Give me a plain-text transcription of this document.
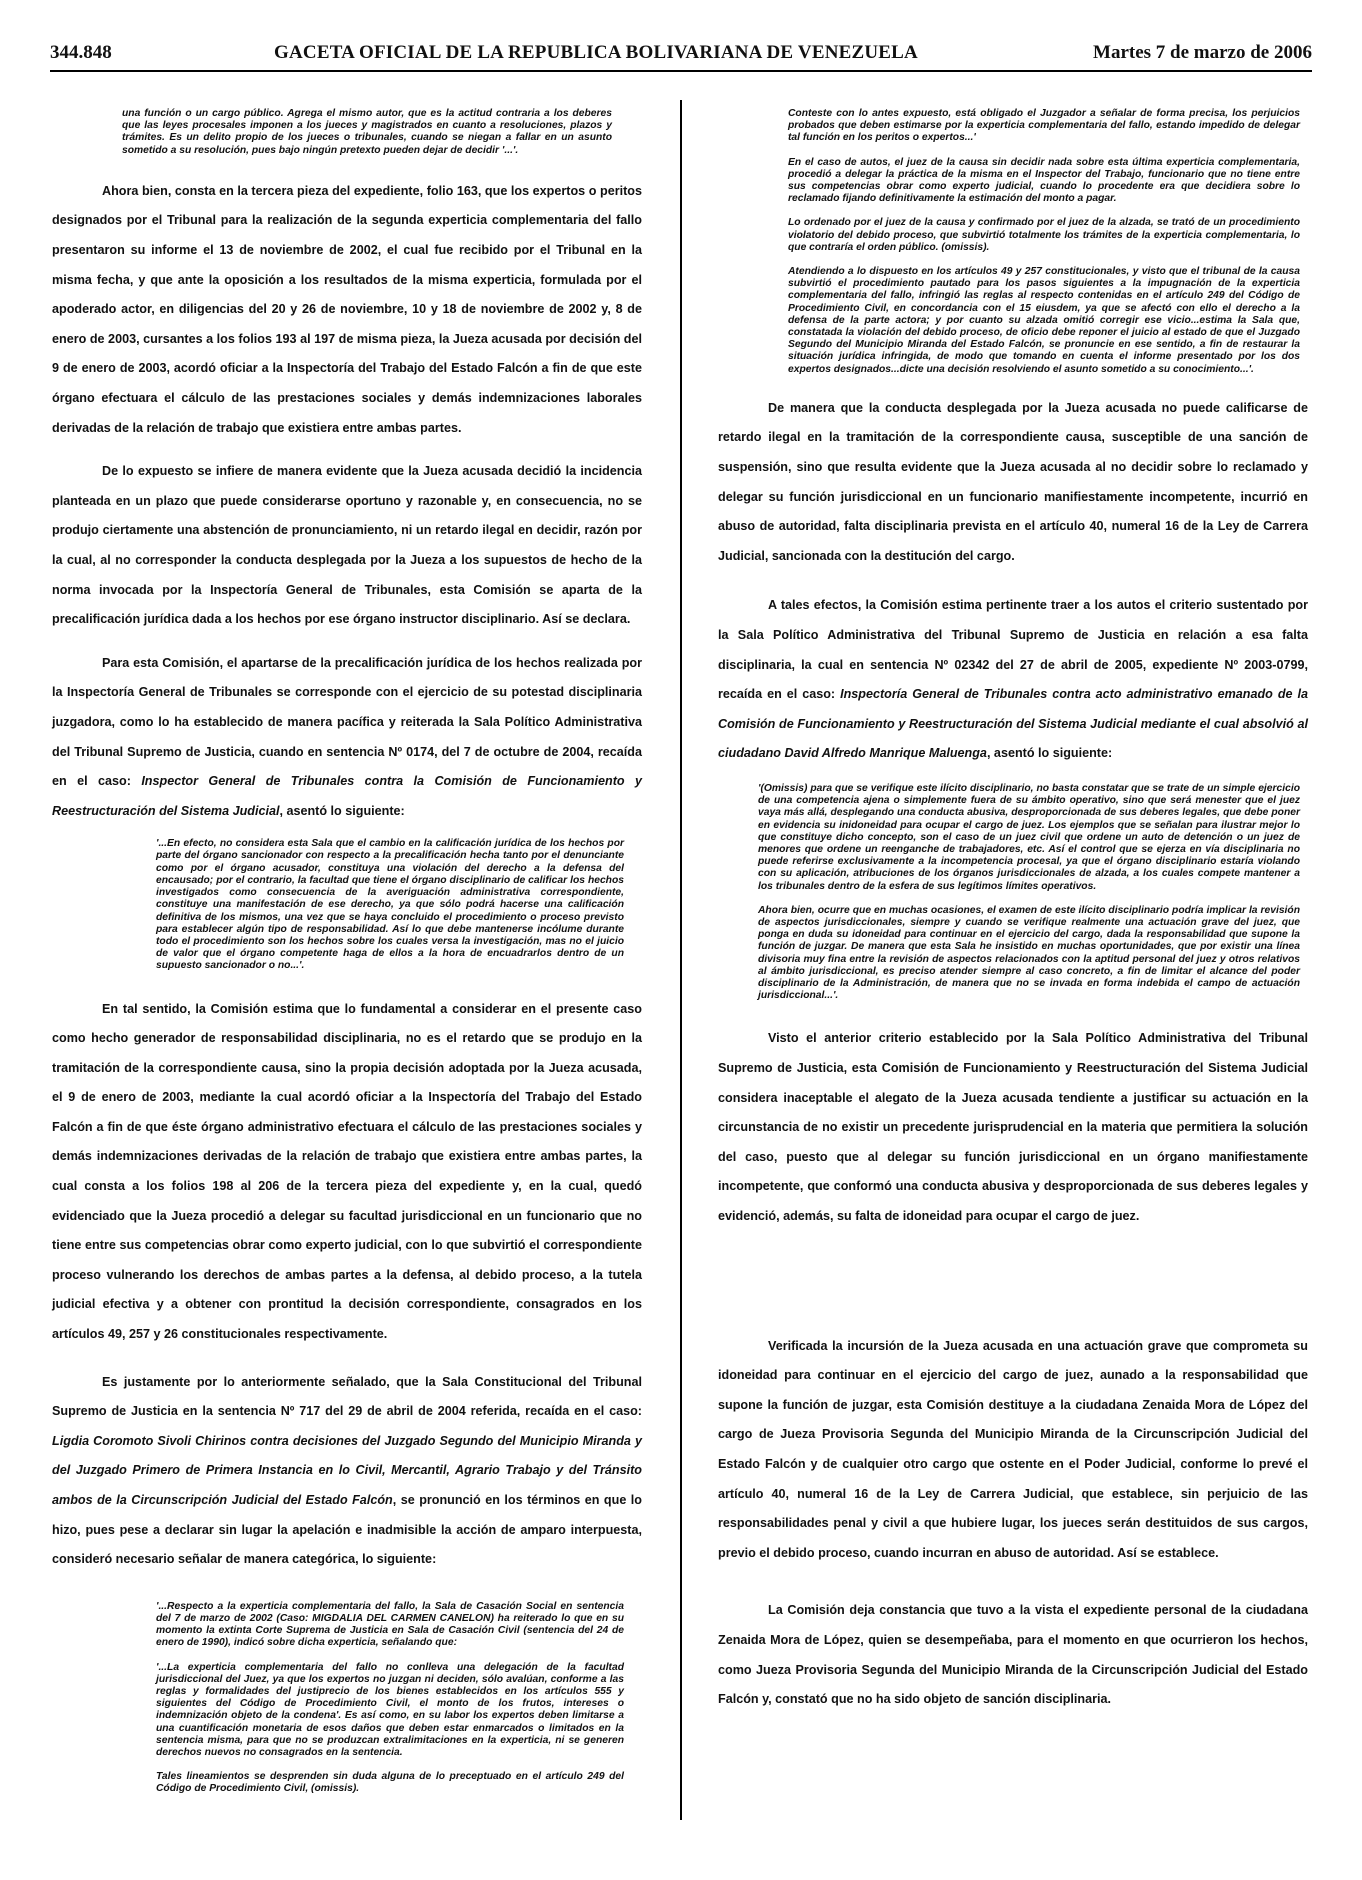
344.848	GACETA OFICIAL DE LA REPUBLICA BOLIVARIANA DE VENEZUELA	Martes 7 de marzo de 2006

una función o un cargo público. Agrega el mismo autor, que es la actitud contraria a los deberes que las leyes procesales imponen a los jueces y magistrados en cuanto a resoluciones, plazos y trámites. Es un delito propio de los jueces o tribunales, cuando se niegan a fallar en un asunto sometido a su resolución, pues bajo ningún pretexto pueden dejar de decidir '...'.

Ahora bien, consta en la tercera pieza del expediente, folio 163, que los expertos o peritos designados por el Tribunal para la realización de la segunda experticia complementaria del fallo presentaron su informe el 13 de noviembre de 2002, el cual fue recibido por el Tribunal en la misma fecha, y que ante la oposición a los resultados de la misma experticia, formulada por el apoderado actor, en diligencias del 20 y 26 de noviembre, 10 y 18 de noviembre de 2002 y, 8 de enero de 2003, cursantes a los folios 193 al 197 de misma pieza, la Jueza acusada por decisión del 9 de enero de 2003, acordó oficiar a la Inspectoría del Trabajo del Estado Falcón a fin de que este órgano efectuara el cálculo de las prestaciones sociales y demás indemnizaciones laborales derivadas de la relación de trabajo que existiera entre ambas partes.

De lo expuesto se infiere de manera evidente que la Jueza acusada decidió la incidencia planteada en un plazo que puede considerarse oportuno y razonable y, en consecuencia, no se produjo ciertamente una abstención de pronunciamiento, ni un retardo ilegal en decidir, razón por la cual, al no corresponder la conducta desplegada por la Jueza a los supuestos de hecho de la norma invocada por la Inspectoría General de Tribunales, esta Comisión se aparta de la precalificación jurídica dada a los hechos por ese órgano instructor disciplinario. Así se declara.

Para esta Comisión, el apartarse de la precalificación jurídica de los hechos realizada por la Inspectoría General de Tribunales se corresponde con el ejercicio de su potestad disciplinaria juzgadora, como lo ha establecido de manera pacífica y reiterada la Sala Político Administrativa del Tribunal Supremo de Justicia, cuando en sentencia Nº 0174, del 7 de octubre de 2004, recaída en el caso: Inspector General de Tribunales contra la Comisión de Funcionamiento y Reestructuración del Sistema Judicial, asentó lo siguiente:

'...En efecto, no considera esta Sala que el cambio en la calificación jurídica de los hechos por parte del órgano sancionador con respecto a la precalificación hecha tanto por el denunciante como por el órgano acusador, constituya una violación del derecho a la defensa del encausado; por el contrario, la facultad que tiene el órgano disciplinario de calificar los hechos investigados como consecuencia de la averiguación administrativa correspondiente, constituye una manifestación de ese derecho, ya que sólo podrá hacerse una calificación definitiva de los mismos, una vez que se haya concluido el procedimiento o proceso previsto para establecer algún tipo de responsabilidad. Así lo que debe mantenerse incólume durante todo el procedimiento son los hechos sobre los cuales versa la investigación, mas no el juicio de valor que el órgano competente haga de ellos a la hora de encuadrarlos dentro de un supuesto sancionador o no...'.

En tal sentido, la Comisión estima que lo fundamental a considerar en el presente caso como hecho generador de responsabilidad disciplinaria, no es el retardo que se produjo en la tramitación de la correspondiente causa, sino la propia decisión adoptada por la Jueza acusada, el 9 de enero de 2003, mediante la cual acordó oficiar a la Inspectoría del Trabajo del Estado Falcón a fin de que éste órgano administrativo efectuara el cálculo de las prestaciones sociales y demás indemnizaciones derivadas de la relación de trabajo que existiera entre ambas partes, la cual consta a los folios 198 al 206 de la tercera pieza del expediente y, en la cual, quedó evidenciado que la Jueza procedió a delegar su facultad jurisdiccional en un funcionario que no tiene entre sus competencias obrar como experto judicial, con lo que subvirtió el correspondiente proceso vulnerando los derechos de ambas partes a la defensa, al debido proceso, a la tutela judicial efectiva y a obtener con prontitud la decisión correspondiente, consagrados en los artículos 49, 257 y 26 constitucionales respectivamente.

Es justamente por lo anteriormente señalado, que la Sala Constitucional del Tribunal Supremo de Justicia en la sentencia Nº 717 del 29 de abril de 2004 referida, recaída en el caso: Ligdia Coromoto Sivoli Chirinos contra decisiones del Juzgado Segundo del Municipio Miranda y del Juzgado Primero de Primera Instancia en lo Civil, Mercantil, Agrario Trabajo y del Tránsito ambos de la Circunscripción Judicial del Estado Falcón, se pronunció en los términos en que lo hizo, pues pese a declarar sin lugar la apelación e inadmisible la acción de amparo interpuesta, consideró necesario señalar de manera categórica, lo siguiente:

'...Respecto a la experticia complementaria del fallo, la Sala de Casación Social en sentencia del 7 de marzo de 2002 (Caso: MIGDALIA DEL CARMEN CANELON) ha reiterado lo que en su momento la extinta Corte Suprema de Justicia en Sala de Casación Civil (sentencia del 24 de enero de 1990), indicó sobre dicha experticia, señalando que:

'...La experticia complementaria del fallo no conlleva una delegación de la facultad jurisdiccional del Juez, ya que los expertos no juzgan ni deciden, sólo avalúan, conforme a las reglas y formalidades del justiprecio de los bienes establecidos en los artículos 555 y siguientes del Código de Procedimiento Civil, el monto de los frutos, intereses o indemnización objeto de la condena'. Es así como, en su labor los expertos deben limitarse a una cuantificación monetaria de esos daños que deben estar enmarcados o limitados en la sentencia misma, para que no se produzcan extralimitaciones en la experticia, ni se generen derechos nuevos no consagrados en la sentencia.

Tales lineamientos se desprenden sin duda alguna de lo preceptuado en el artículo 249 del Código de Procedimiento Civil, (omissis).

Conteste con lo antes expuesto, está obligado el Juzgador a señalar de forma precisa, los perjuicios probados que deben estimarse por la experticia complementaria del fallo, estando impedido de delegar tal función en los peritos o expertos...'

En el caso de autos, el juez de la causa sin decidir nada sobre esta última experticia complementaria, procedió a delegar la práctica de la misma en el Inspector del Trabajo, funcionario que no tiene entre sus competencias obrar como experto judicial, cuando lo procedente era que decidiera sobre lo reclamado fijando definitivamente la estimación del monto a pagar.

Lo ordenado por el juez de la causa y confirmado por el juez de la alzada, se trató de un procedimiento violatorio del debido proceso, que subvirtió totalmente los trámites de la experticia complementaria, lo que contraría el orden público. (omissis).

Atendiendo a lo dispuesto en los artículos 49 y 257 constitucionales, y visto que el tribunal de la causa subvirtió el procedimiento pautado para los pasos siguientes a la impugnación de la experticia complementaria del fallo, infringió las reglas al respecto contenidas en el artículo 249 del Código de Procedimiento Civil, en concordancia con el 15 eiusdem, ya que se afectó con ello el derecho a la defensa de la parte actora; y por cuanto su alzada omitió corregir ese vicio...estima la Sala que, constatada la violación del debido proceso, de oficio debe reponer el juicio al estado de que el Juzgado Segundo del Municipio Miranda del Estado Falcón, se pronuncie en ese sentido, a fin de restaurar la situación jurídica infringida, de modo que tomando en cuenta el informe presentado por los dos expertos designados...dicte una decisión resolviendo el asunto sometido a su conocimiento...'.

De manera que la conducta desplegada por la Jueza acusada no puede calificarse de retardo ilegal en la tramitación de la correspondiente causa, susceptible de una sanción de suspensión, sino que resulta evidente que la Jueza acusada al no decidir sobre lo reclamado y delegar su función jurisdiccional en un funcionario manifiestamente incompetente, incurrió en abuso de autoridad, falta disciplinaria prevista en el artículo 40, numeral 16 de la Ley de Carrera Judicial, sancionada con la destitución del cargo.

A tales efectos, la Comisión estima pertinente traer a los autos el criterio sustentado por la Sala Político Administrativa del Tribunal Supremo de Justicia en relación a esa falta disciplinaria, la cual en sentencia Nº 02342 del 27 de abril de 2005, expediente Nº 2003-0799, recaída en el caso: Inspectoría General de Tribunales contra acto administrativo emanado de la Comisión de Funcionamiento y Reestructuración del Sistema Judicial mediante el cual absolvió al ciudadano David Alfredo Manrique Maluenga, asentó lo siguiente:

'(Omissis) para que se verifique este ilícito disciplinario, no basta constatar que se trate de un simple ejercicio de una competencia ajena o simplemente fuera de su ámbito operativo, sino que será menester que el juez vaya más allá, desplegando una conducta abusiva, desproporcionada de sus deberes legales, que debe poner en evidencia su inidoneidad para ocupar el cargo de juez. Los ejemplos que se señalan para ilustrar mejor lo que constituye dicho concepto, son el caso de un juez civil que ordene un auto de detención o un juez de menores que ordene un reenganche de trabajadores, etc. Así el control que se ejerza en vía disciplinaria no puede referirse exclusivamente a la incompetencia procesal, ya que el órgano disciplinario estaría violando con su aplicación, atribuciones de los órganos jurisdiccionales de alzada, a los cuales compete mantener a los tribunales dentro de la esfera de sus legítimos límites operativos.

Ahora bien, ocurre que en muchas ocasiones, el examen de este ilícito disciplinario podría implicar la revisión de aspectos jurisdiccionales, siempre y cuando se verifique realmente una actuación grave del juez, que ponga en duda su idoneidad para continuar en el ejercicio del cargo, dada la responsabilidad que supone la función de juzgar. De manera que esta Sala he insistido en muchas oportunidades, que por existir una línea divisoria muy fina entre la revisión de aspectos relacionados con la aptitud personal del juez y otros relativos al ámbito jurisdiccional, es preciso atender siempre al caso concreto, a fin de limitar el alcance del poder disciplinario de la Administración, de manera que no se invada en forma indebida el campo de actuación jurisdiccional...'.

Visto el anterior criterio establecido por la Sala Político Administrativa del Tribunal Supremo de Justicia, esta Comisión de Funcionamiento y Reestructuración del Sistema Judicial considera inaceptable el alegato de la Jueza acusada tendiente a justificar su actuación en la circunstancia de no existir un precedente jurisprudencial en la materia que permitiera la solución del caso, puesto que al delegar su función jurisdiccional en un órgano manifiestamente incompetente, que conformó una conducta abusiva y desproporcionada de sus deberes legales y evidenció, además, su falta de idoneidad para ocupar el cargo de juez.

Verificada la incursión de la Jueza acusada en una actuación grave que comprometa su idoneidad para continuar en el ejercicio del cargo de juez, aunado a la responsabilidad que supone la función de juzgar, esta Comisión destituye a la ciudadana Zenaida Mora de López del cargo de Jueza Provisoria Segunda del Municipio Miranda de la Circunscripción Judicial del Estado Falcón y de cualquier otro cargo que ostente en el Poder Judicial, conforme lo prevé el artículo 40, numeral 16 de la Ley de Carrera Judicial, que establece, sin perjuicio de las responsabilidades penal y civil a que hubiere lugar, los jueces serán destituidos de sus cargos, previo el debido proceso, cuando incurran en abuso de autoridad. Así se establece.

La Comisión deja constancia que tuvo a la vista el expediente personal de la ciudadana Zenaida Mora de López, quien se desempeñaba, para el momento en que ocurrieron los hechos, como Jueza Provisoria Segunda del Municipio Miranda de la Circunscripción Judicial del Estado Falcón y, constató que no ha sido objeto de sanción disciplinaria.
